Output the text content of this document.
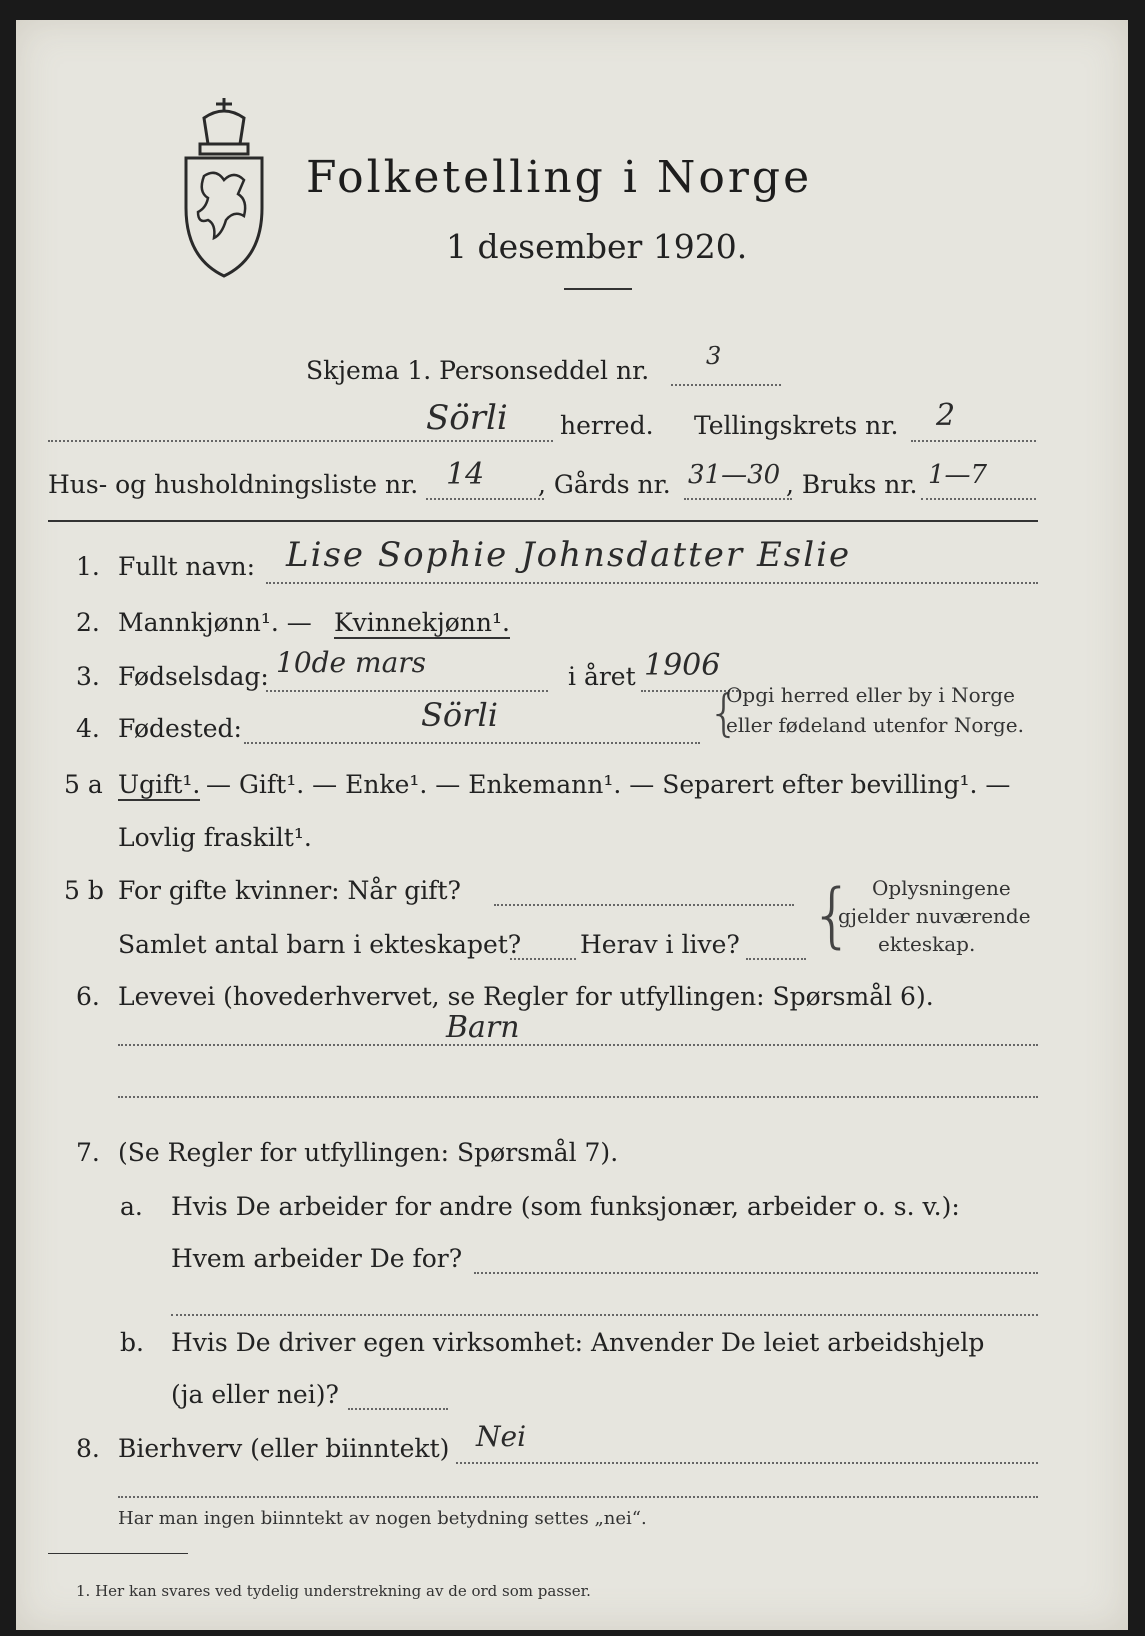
Folketelling i Norge
1 desember 1920.
Skjema 1. Personseddel nr. 3
Sörli herred. Tellingskrets nr. 2
Hus- og husholdningsliste nr. 14 , Gårds nr. 31—30 , Bruks nr. 1—7
1. Fullt navn: Lise Sophie Johnsdatter Eslie
2. Mannkjønn¹. — Kvinnekjønn¹.
3. Fødselsdag: 10de mars	i året 1906
4. Fødested:	Sörli	{
Opgi herred eller by i Norge
eller fødeland utenfor Norge.
5 a Ugift¹. — Gift¹. — Enke¹. — Enkemann¹. — Separert efter bevilling¹. —
Lovlig fraskilt¹.
5 b For gifte kvinner: Når gift?
Samlet antal barn i ekteskapet? Herav i live? { Oplysningene
gjelder nuværende
ekteskap.
6. Levevei (hovederhvervet, se Regler for utfyllingen: Spørsmål 6).
Barn
7. (Se Regler for utfyllingen: Spørsmål 7).
a. Hvis De arbeider for andre (som funksjonær, arbeider o. s. v.):
Hvem arbeider De for?
b. Hvis De driver egen virksomhet: Anvender De leiet arbeidshjelp
(ja eller nei)?
8. Bierhverv (eller biinntekt) Nei
Har man ingen biinntekt av nogen betydning settes „nei“.
1. Her kan svares ved tydelig understrekning av de ord som passer.
